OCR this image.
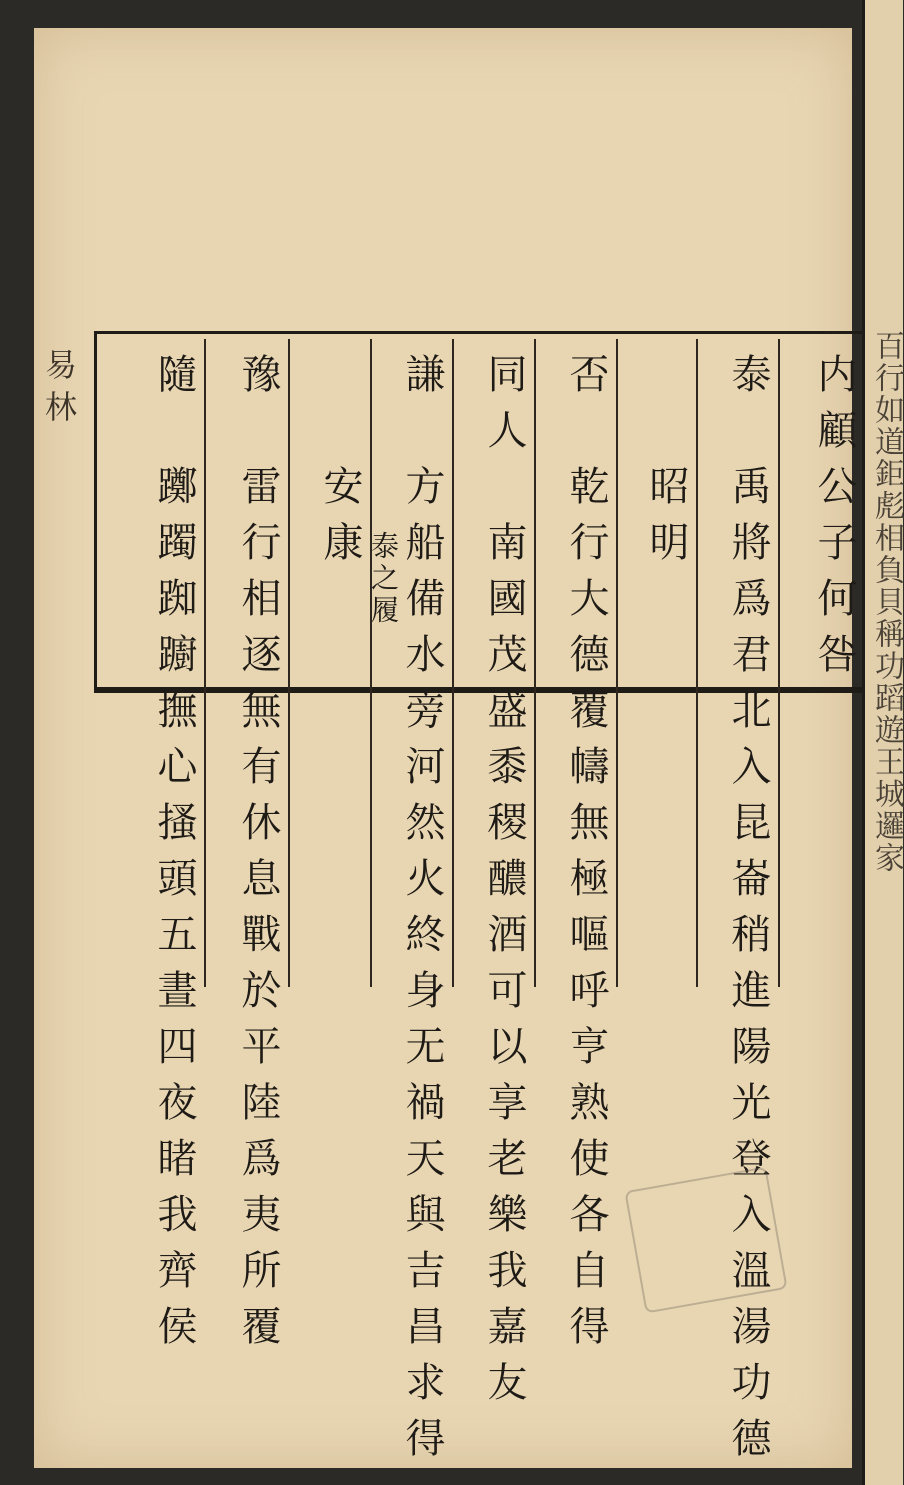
易林	内顧公子何咎
泰　禹將爲君北入昆崙稍進陽光登入溫湯功德
　　昭明
否　乾行大德覆幬無極嘔呼亨熟使各自得
同人　南國茂盛黍稷醲酒可以享老樂我嘉友
謙　方船備水旁河然火終身无禍天與吉昌求得
　　安康
泰之履
豫　雷行相逐無有休息戰於平陸爲夷所覆
隨　躑躅踟躕撫心搔頭五晝四夜睹我齊侯	百行如道鉅彪相負貝稱功蹈遊王城邏家
